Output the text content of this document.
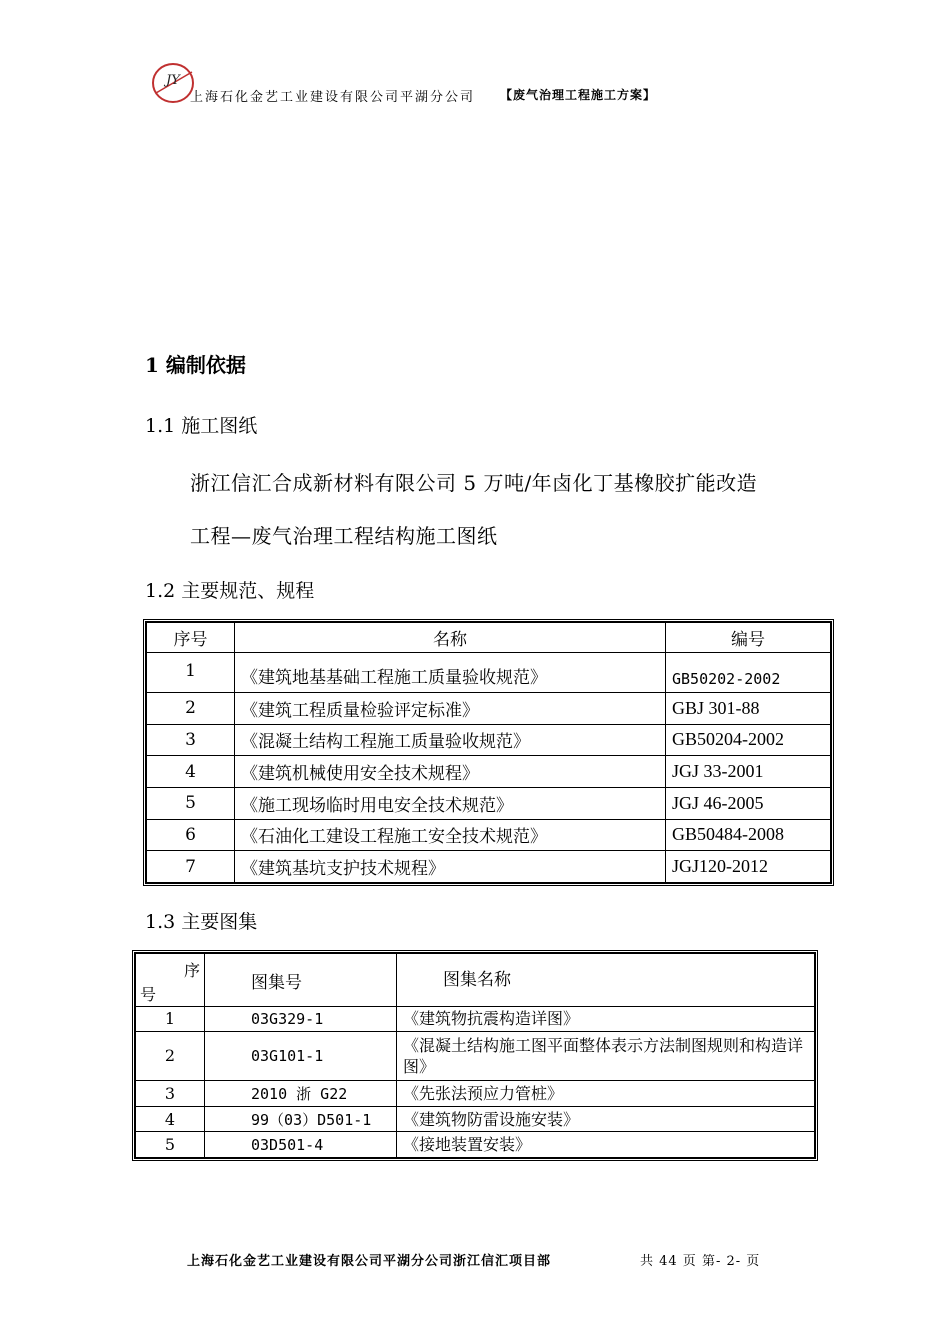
JY
上海石化金艺工业建设有限公司平湖分公司 【废气治理工程施工方案】
1 编制依据
1.1 施工图纸
浙江信汇合成新材料有限公司 5 万吨/年卤化丁基橡胶扩能改造
工程—废气治理工程结构施工图纸
1.2 主要规范、规程
序号	名称	编号
1	《建筑地基基础工程施工质量验收规范》	GB50202-2002
2	《建筑工程质量检验评定标准》	GBJ 301-88
3	《混凝土结构工程施工质量验收规范》	GB50204-2002
4	《建筑机械使用安全技术规程》	JGJ 33-2001
5	《施工现场临时用电安全技术规范》	JGJ 46-2005
6	《石油化工建设工程施工安全技术规范》	GB50484-2008
7	《建筑基坑支护技术规程》	JGJ120-2012
1.3 主要图集
序
号	图集号	图集名称
1	03G329-1	《建筑物抗震构造详图》
2	03G101-1	《混凝土结构施工图平面整体表示方法制图规则和构造详图》
3	2010 浙 G22	《先张法预应力管桩》
4	99（03）D501-1	《建筑物防雷设施安装》
5	03D501-4	《接地装置安装》
上海石化金艺工业建设有限公司平湖分公司浙江信汇项目部	共 44 页 第- 2- 页
